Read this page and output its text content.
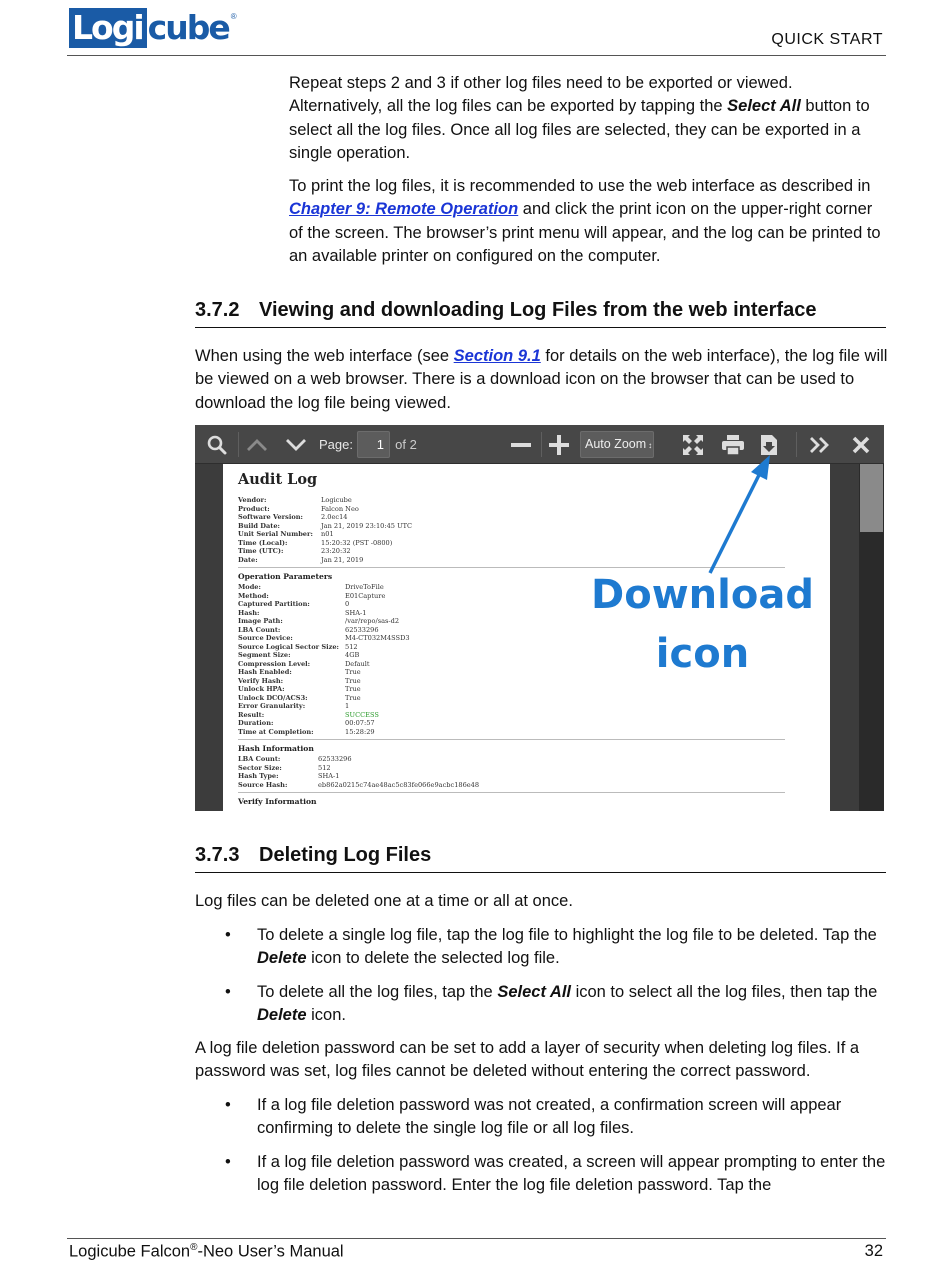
Logi cube ®
QUICK START
Repeat steps 2 and 3 if other log files need to be exported or viewed. Alternatively, all the log files can be exported by tapping the Select All button to select all the log files. Once all log files are selected, they can be exported in a single operation.
To print the log files, it is recommended to use the web interface as described in Chapter 9: Remote Operation and click the print icon on the upper-right corner of the screen. The browser’s print menu will appear, and the log can be printed to an available printer on configured on the computer.
3.7.2 Viewing and downloading Log Files from the web interface
When using the web interface (see Section 9.1 for details on the web interface), the log file will be viewed on a web browser. There is a download icon on the browser that can be used to download the log file being viewed.
Page:	1 of 2	Auto Zoom ↕
Audit Log
Vendor:	Logicube
Product:	Falcon Neo
Software Version:	2.0ec14
Build Date:	Jan 21, 2019 23:10:45 UTC
Unit Serial Number:	n01
Time (Local):	15:20:32 (PST -0800)
Time (UTC):	23:20:32
Date:	Jan 21, 2019
Operation Parameters
Mode:	DriveToFile
Method:	E01Capture
Captured Partition:	0
Hash:	SHA-1
Image Path:	/var/repo/sas-d2
LBA Count:	62533296
Source Device:	M4-CT032M4SSD3
Source Logical Sector Size: 512
Segment Size:	4GB
Compression Level:	Default
Hash Enabled:	True
Verify Hash:	True
Unlock HPA:	True
Unlock DCO/ACS3:	True
Error Granularity:	1
Result:	SUCCESS
Duration:	00:07:57
Time at Completion:	15:28:29
Hash Information
LBA Count:	62533296
Sector Size:	512
Hash Type:	SHA-1
Source Hash:	eb862a0215c74ae48ac5c83fe066e9acbc186e48
Verify Information
Download
icon
3.7.3 Deleting Log Files
Log files can be deleted one at a time or all at once.
• To delete a single log file, tap the log file to highlight the log file to be deleted. Tap the Delete icon to delete the selected log file.
• To delete all the log files, tap the Select All icon to select all the log files, then tap the Delete icon.
A log file deletion password can be set to add a layer of security when deleting log files. If a password was set, log files cannot be deleted without entering the correct password.
• If a log file deletion password was not created, a confirmation screen will appear confirming to delete the single log file or all log files.
• If a log file deletion password was created, a screen will appear prompting to enter the log file deletion password. Enter the log file deletion password. Tap the
Logicube Falcon®-Neo User’s Manual	32
